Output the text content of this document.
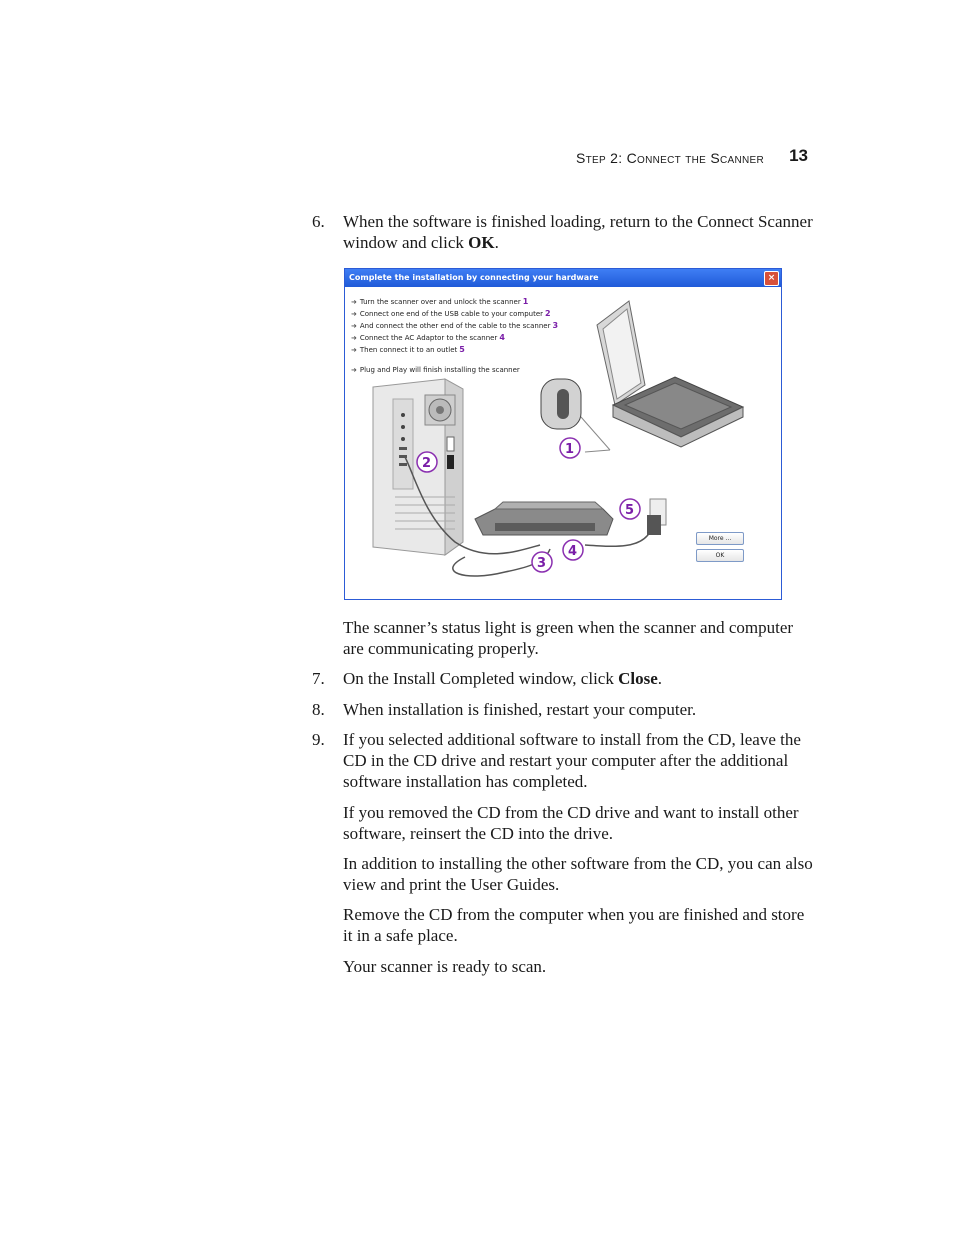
Step 2: Connect the Scanner 13
6. When the software is finished loading, return to the Connect Scanner window and click OK.
Complete the installation by connecting your hardware	×
➜ Turn the scanner over and unlock the scanner 1
➜ Connect one end of the USB cable to your computer 2
➜ And connect the other end of the cable to the scanner 3
➜ Connect the AC Adaptor to the scanner 4
➜ Then connect it to an outlet 5
➜ Plug and Play will finish installing the scanner
1
2
3
4
5
More ...
OK
The scanner’s status light is green when the scanner and computer are communicating properly.
7. On the Install Completed window, click Close.
8. When installation is finished, restart your computer.
9. If you selected additional software to install from the CD, leave the CD in the CD drive and restart your computer after the additional software installation has completed.
If you removed the CD from the CD drive and want to install other software, reinsert the CD into the drive.
In addition to installing the other software from the CD, you can also view and print the User Guides.
Remove the CD from the computer when you are finished and store it in a safe place.
Your scanner is ready to scan.
